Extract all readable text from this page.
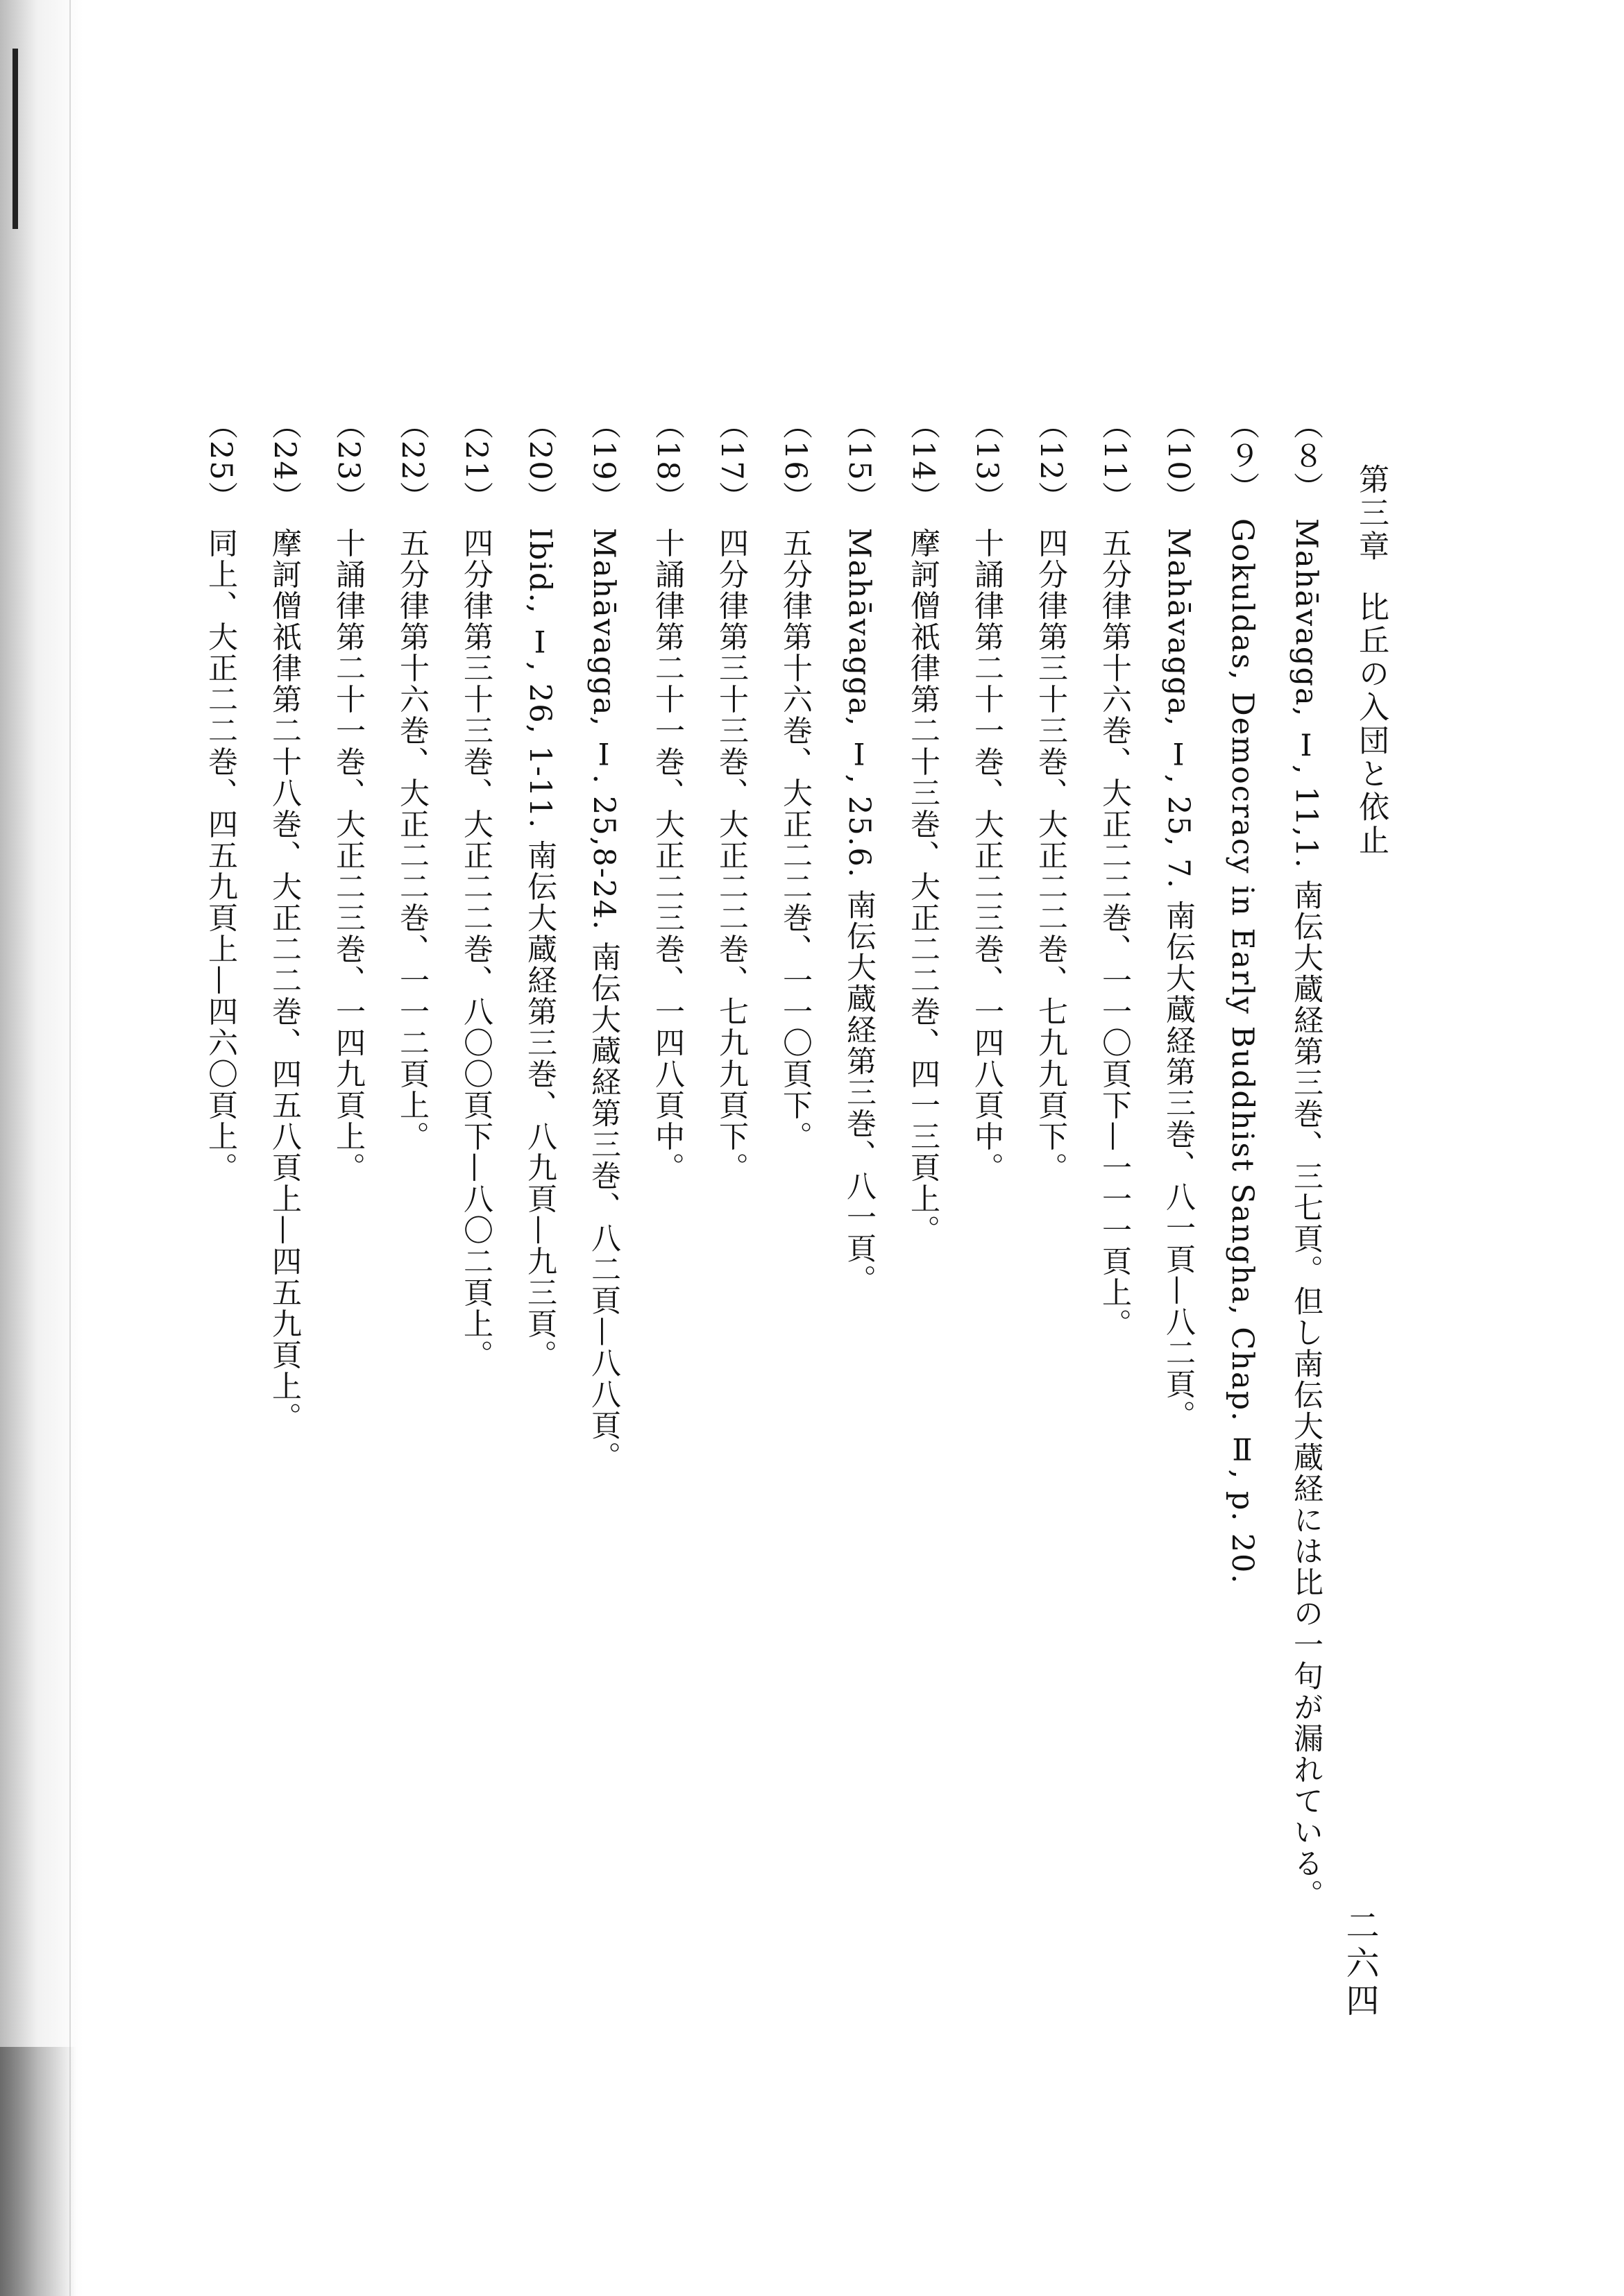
第三章比丘の入団と依止
（８）Mahāvagga, Ⅰ, 11,1. 南伝大蔵経第三巻、三七頁。但し南伝大蔵経には比の一句が漏れている。
（９）Gokuldas, Democracy in Early Buddhist Sangha, Chap. Ⅱ, p. 20.
（10）Mahāvagga, Ⅰ, 25, 7. 南伝大蔵経第三巻、八一頁—八二頁。
（11）五分律第十六巻、大正二二巻、一一〇頁下—一一一頁上。
（12）四分律第三十三巻、大正二二巻、七九九頁下。
（13）十誦律第二十一巻、大正二三巻、一四八頁中。
（14）摩訶僧祇律第二十三巻、大正二二巻、四一三頁上。
（15）Mahāvagga, Ⅰ, 25.6. 南伝大蔵経第三巻、八一頁。
（16）五分律第十六巻、大正二二巻、一一〇頁下。
（17）四分律第三十三巻、大正二二巻、七九九頁下。
（18）十誦律第二十一巻、大正二三巻、一四八頁中。
（19）Mahāvagga, Ⅰ. 25,8-24. 南伝大蔵経第三巻、八二頁—八八頁。
（20）Ibid., Ⅰ, 26, 1-11. 南伝大蔵経第三巻、八九頁—九三頁。
（21）四分律第三十三巻、大正二二巻、八〇〇頁下—八〇二頁上。
（22）五分律第十六巻、大正二二巻、一一二頁上。
（23）十誦律第二十一巻、大正二三巻、一四九頁上。
（24）摩訶僧祇律第二十八巻、大正二二巻、四五八頁上—四五九頁上。
（25）同上、大正二二巻、四五九頁上—四六〇頁上。
二六四
